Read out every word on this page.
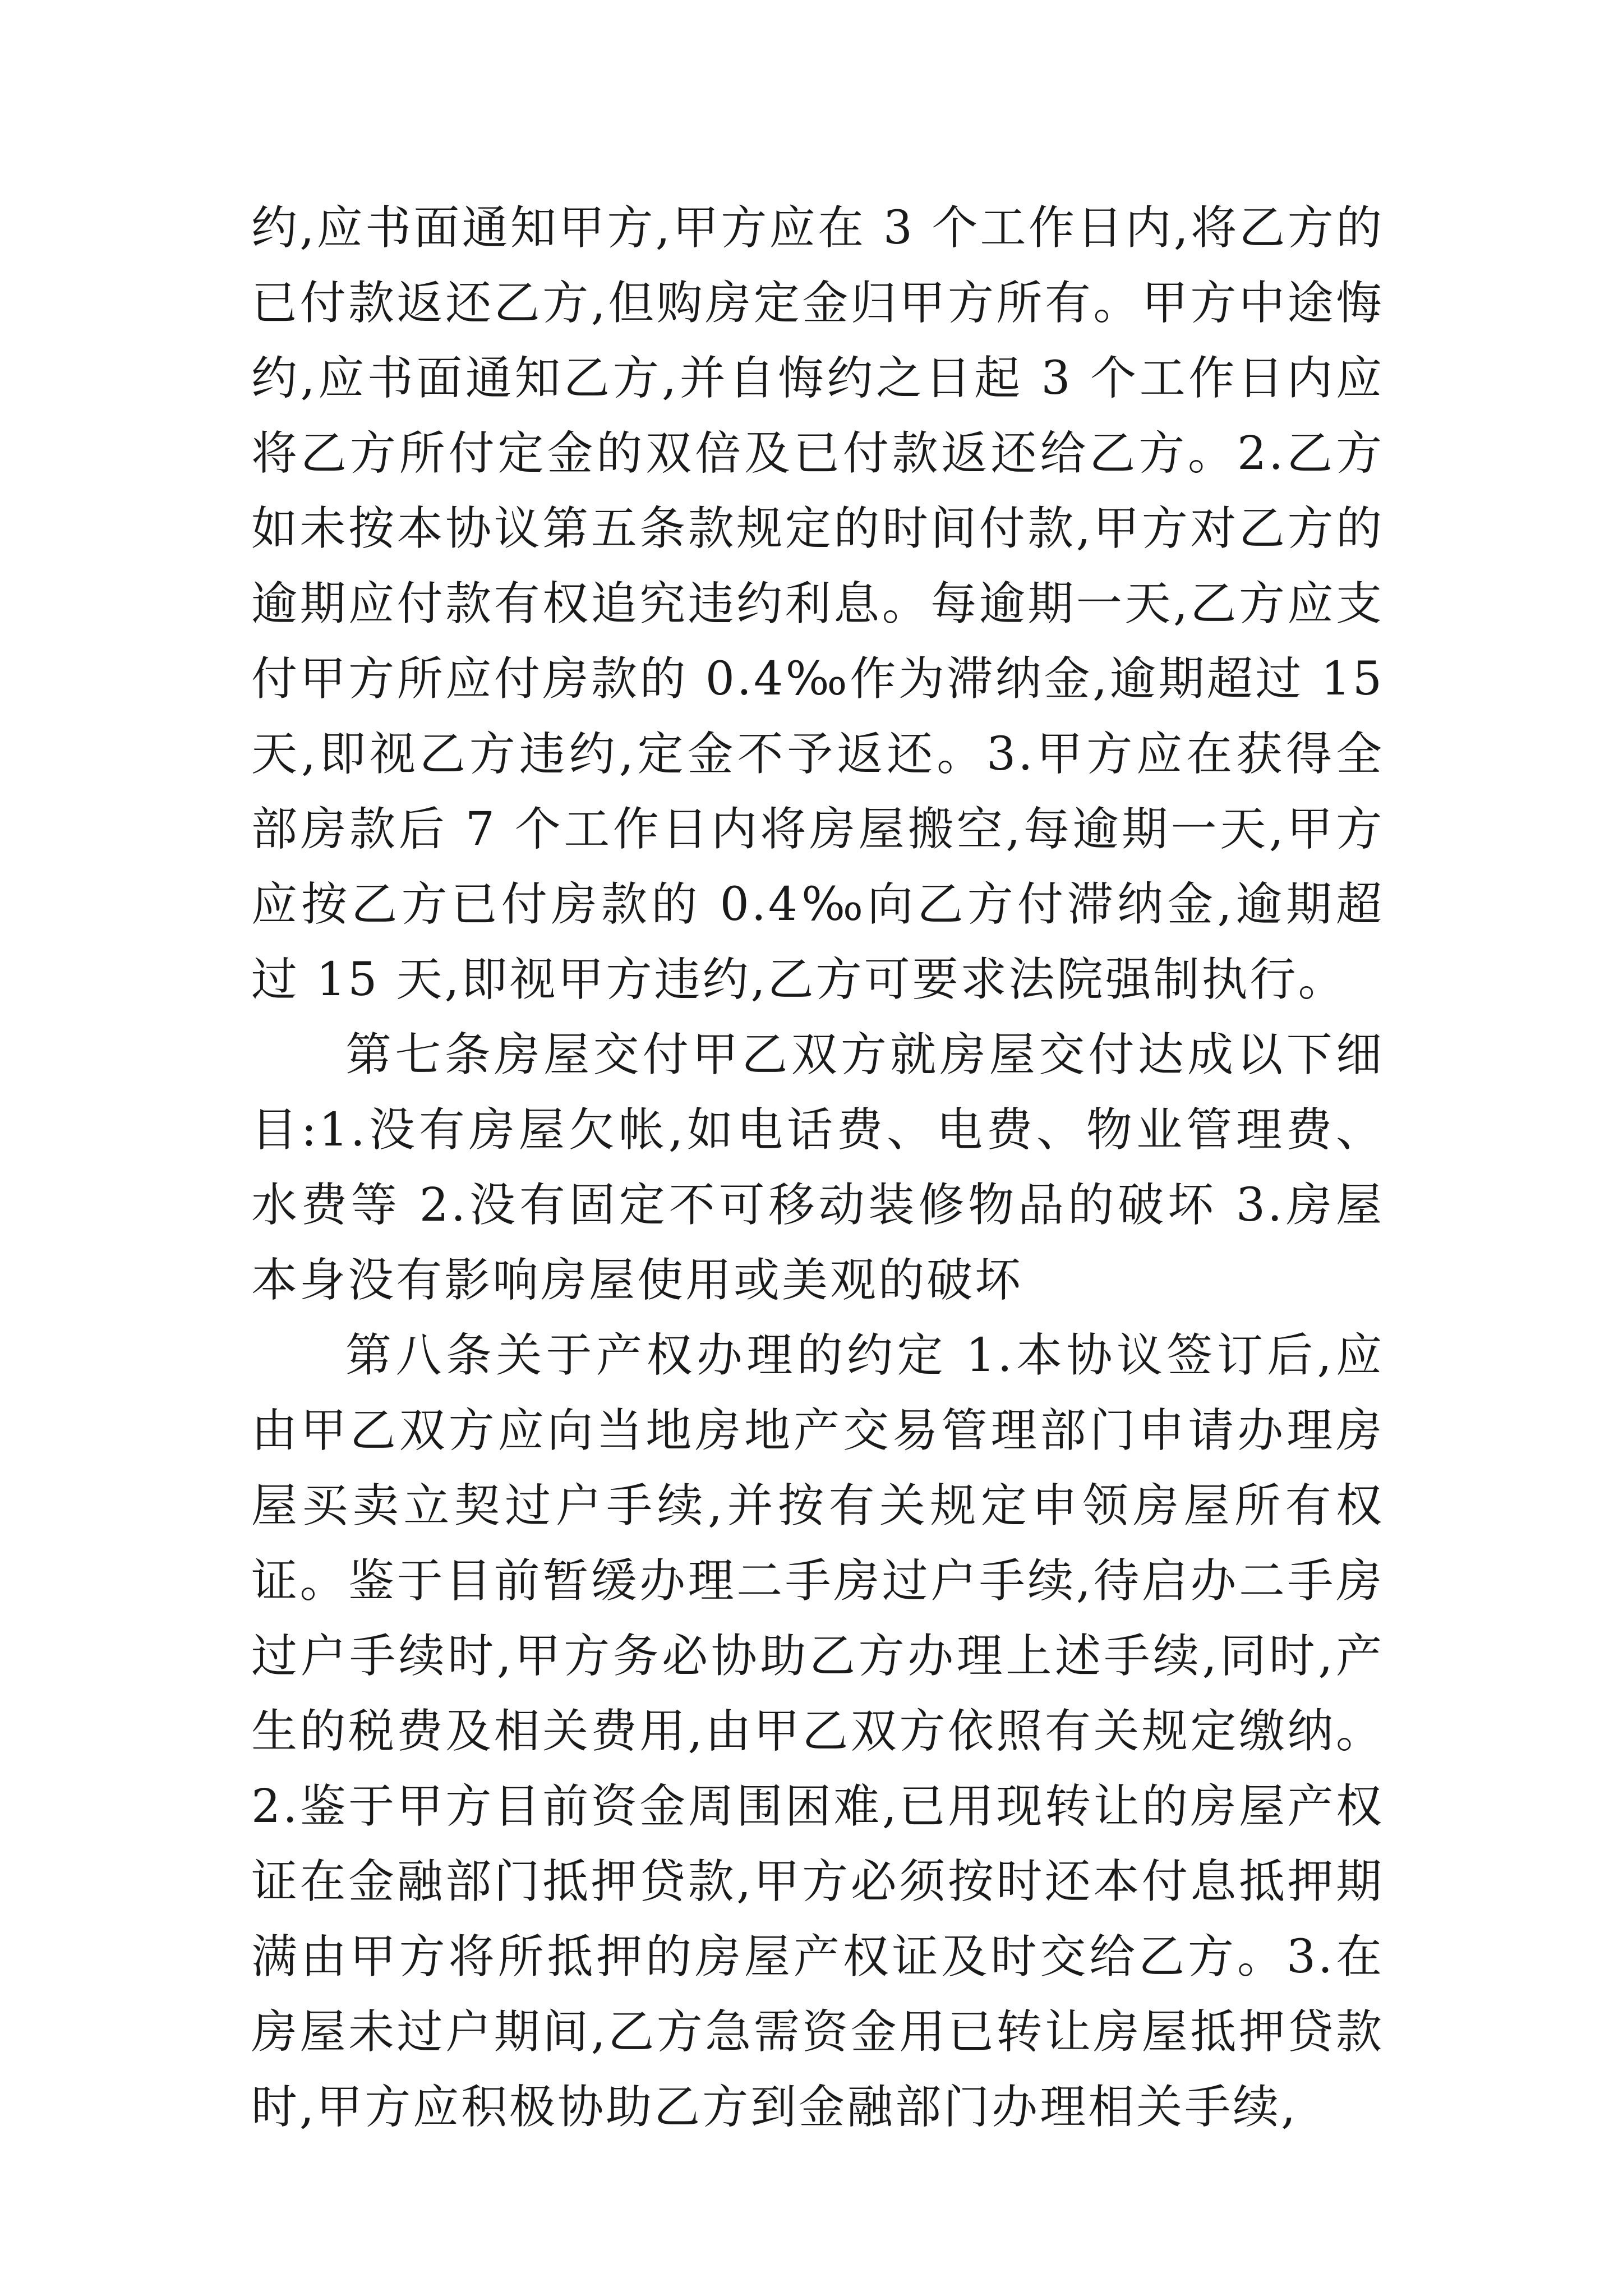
约,应书面通知甲方,甲方应在 3 个工作日内,将乙方的已付款返还乙方,但购房定金归甲方所有。甲方中途悔约,应书面通知乙方,并自悔约之日起 3 个工作日内应将乙方所付定金的双倍及已付款返还给乙方。2.乙方如未按本协议第五条款规定的时间付款,甲方对乙方的逾期应付款有权追究违约利息。每逾期一天,乙方应支付甲方所应付房款的 0.4‰作为滞纳金,逾期超过 15 天,即视乙方违约,定金不予返还。3.甲方应在获得全部房款后 7 个工作日内将房屋搬空,每逾期一天,甲方应按乙方已付房款的 0.4‰向乙方付滞纳金,逾期超过 15 天,即视甲方违约,乙方可要求法院强制执行。

第七条房屋交付甲乙双方就房屋交付达成以下细目:1.没有房屋欠帐,如电话费、电费、物业管理费、水费等 2.没有固定不可移动装修物品的破坏 3.房屋本身没有影响房屋使用或美观的破坏

第八条关于产权办理的约定 1.本协议签订后,应由甲乙双方应向当地房地产交易管理部门申请办理房屋买卖立契过户手续,并按有关规定申领房屋所有权证。鉴于目前暂缓办理二手房过户手续,待启办二手房过户手续时,甲方务必协助乙方办理上述手续,同时,产生的税费及相关费用,由甲乙双方依照有关规定缴纳。2.鉴于甲方目前资金周围困难,已用现转让的房屋产权证在金融部门抵押贷款,甲方必须按时还本付息抵押期满由甲方将所抵押的房屋产权证及时交给乙方。3.在房屋未过户期间,乙方急需资金用已转让房屋抵押贷款时,甲方应积极协助乙方到金融部门办理相关手续,
